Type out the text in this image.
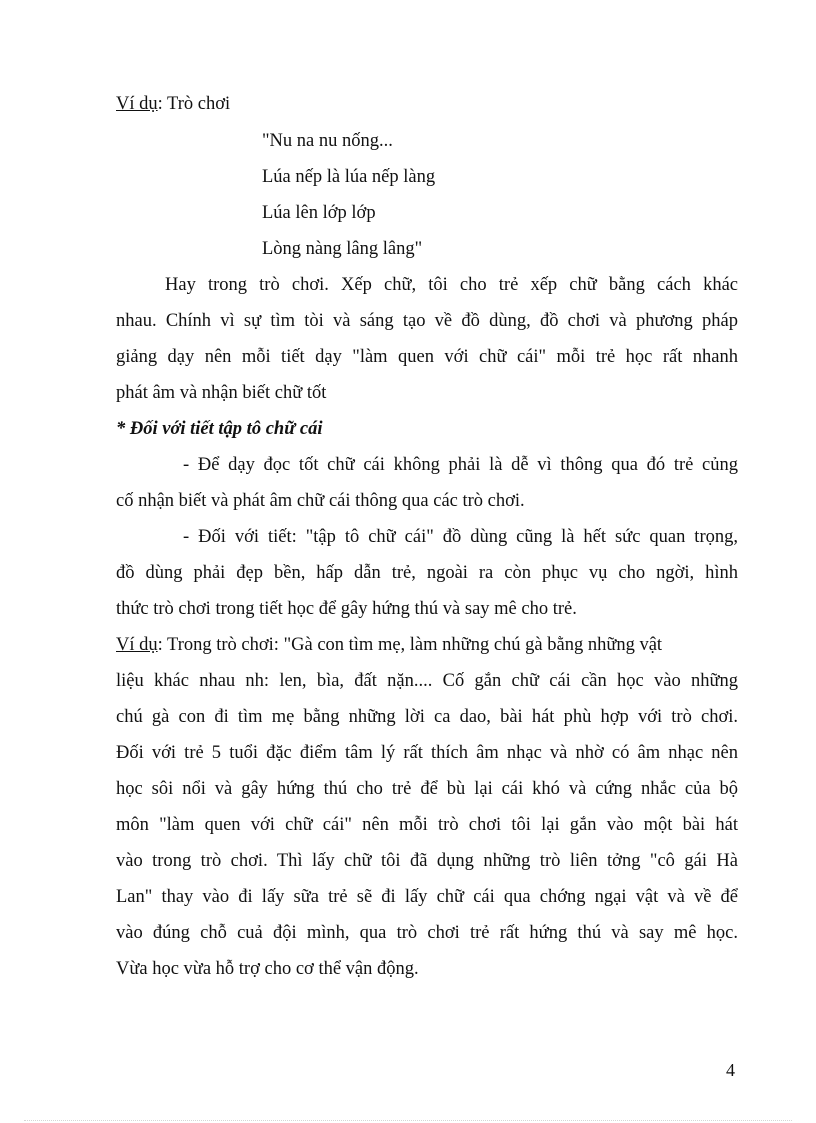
Ví dụ: Trò chơi
"Nu na nu nống...
Lúa nếp là lúa nếp làng
Lúa lên lớp lớp
Lòng nàng lâng lâng"
Hay trong trò chơi. Xếp chữ, tôi cho trẻ xếp chữ bằng cách khác
nhau. Chính vì sự tìm tòi và sáng tạo về đồ dùng, đồ chơi và phương pháp
giảng dạy nên mỗi tiết dạy "làm quen với chữ cái" mỗi trẻ học rất nhanh
phát âm và nhận biết chữ tốt
* Đối với tiết tập tô chữ cái
- Để dạy đọc tốt chữ cái không phải là dễ vì thông qua đó trẻ củng
cố nhận biết và phát âm chữ cái thông qua các trò chơi.
- Đối với tiết: "tập tô chữ cái" đồ dùng cũng là hết sức quan trọng,
đồ dùng phải đẹp bền, hấp dẫn trẻ, ngoài ra còn phục vụ cho ngời, hình
thức trò chơi trong tiết học để gây hứng thú và say mê cho trẻ.
Ví dụ: Trong trò chơi: "Gà con tìm mẹ, làm những chú gà bằng những vật
liệu khác nhau nh: len, bìa, đất nặn.... Cố gắn chữ cái cần học vào những
chú gà con đi tìm mẹ bằng những lời ca dao, bài hát phù hợp với trò chơi.
Đối với trẻ 5 tuổi đặc điểm tâm lý rất thích âm nhạc và nhờ có âm nhạc nên
học sôi nổi và gây hứng thú cho trẻ để bù lại cái khó và cứng nhắc của bộ
môn "làm quen với chữ cái" nên mỗi trò chơi tôi lại gắn vào một bài hát
vào trong trò chơi. Thì lấy chữ tôi đã dụng những trò liên tởng "cô gái Hà
Lan" thay vào đi lấy sữa trẻ sẽ đi lấy chữ cái qua chớng ngại vật và về để
vào đúng chỗ cuả đội mình, qua trò chơi trẻ rất hứng thú và say mê học.
Vừa học vừa hỗ trợ cho cơ thể vận động.
4
